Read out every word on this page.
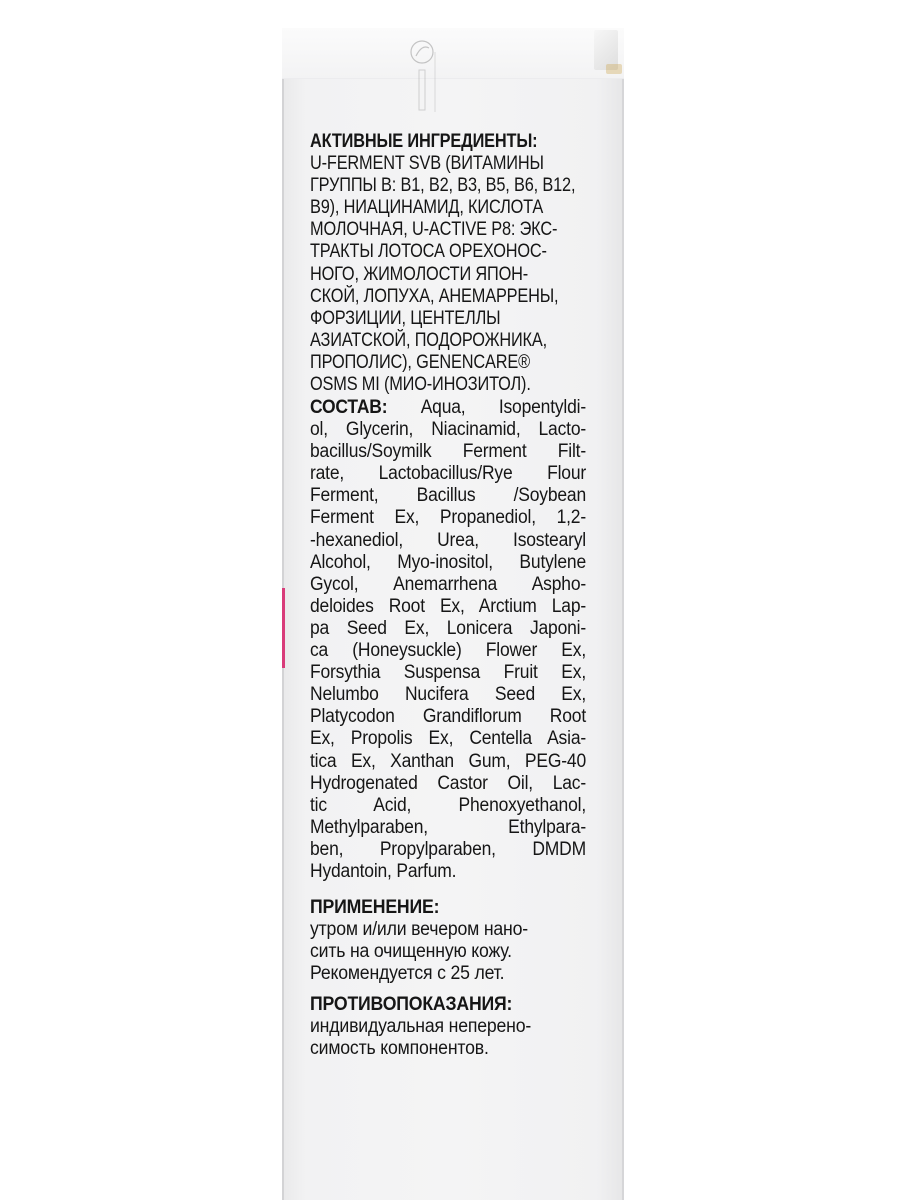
АКТИВНЫЕ ИНГРЕДИЕНТЫ:
U-FERMENT SVB (ВИТАМИНЫ
ГРУППЫ B: B1, B2, B3, B5, B6, B12,
B9), НИАЦИНАМИД, КИСЛОТА
МОЛОЧНАЯ, U-ACTIVE P8: ЭКС-
ТРАКТЫ ЛОТОСА ОРЕХОНОС-
НОГО, ЖИМОЛОСТИ ЯПОН-
СКОЙ, ЛОПУХА, АНЕМАРРЕНЫ,
ФОРЗИЦИИ, ЦЕНТЕЛЛЫ
АЗИАТСКОЙ, ПОДОРОЖНИКА,
ПРОПОЛИС), GENENCARE®
OSMS MI (МИО-ИНОЗИТОЛ).
СОСТАВ: Aqua, Isopentyldi-
ol, Glycerin, Niacinamid, Lacto-
bacillus/Soymilk Ferment Filt-
rate, Lactobacillus/Rye Flour
Ferment, Bacillus /Soybean
Ferment Ex, Propanediol, 1,2-
-hexanediol, Urea, Isostearyl
Alcohol, Myo-inositol, Butylene
Gycol, Anemarrhena Aspho-
deloides Root Ex, Arctium Lap-
pa Seed Ex, Lonicera Japoni-
ca (Honeysuckle) Flower Ex,
Forsythia Suspensa Fruit Ex,
Nelumbo Nucifera Seed Ex,
Platycodon Grandiflorum Root
Ex, Propolis Ex, Centella Asia-
tica Ex, Xanthan Gum, PEG-40
Hydrogenated Castor Oil, Lac-
tic Acid, Phenoxyethanol,
Methylparaben, Ethylpara-
ben, Propylparaben, DMDM
Hydantoin, Parfum.
ПРИМЕНЕНИЕ:
утром и/или вечером нано-
сить на очищенную кожу.
Рекомендуется с 25 лет.
ПРОТИВОПОКАЗАНИЯ:
индивидуальная неперено-
симость компонентов.
